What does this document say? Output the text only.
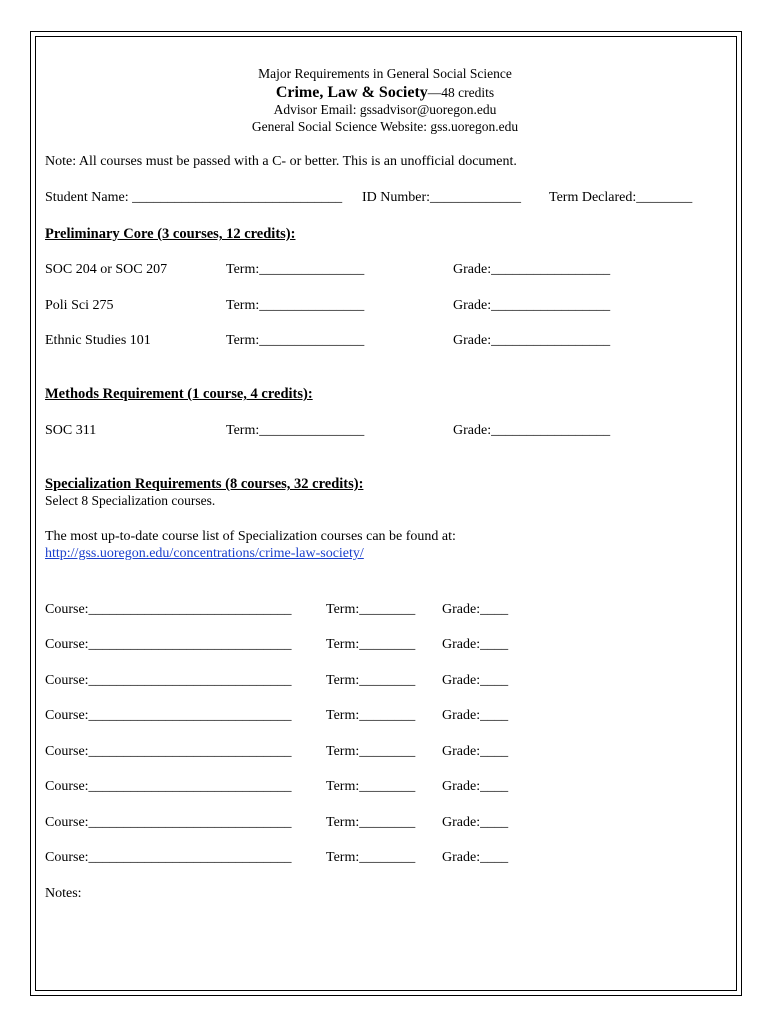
Major Requirements in General Social Science
Crime, Law & Society—48 credits
Advisor Email: gssadvisor@uoregon.edu
General Social Science Website: gss.uoregon.edu
Note: All courses must be passed with a C- or better. This is an unofficial document.
Student Name: ______________________________ ID Number:_____________ Term Declared:________
Preliminary Core (3 courses, 12 credits):
SOC 204 or SOC 207	Term:_______________	Grade:_________________
Poli Sci 275	Term:_______________	Grade:_________________
Ethnic Studies 101	Term:_______________	Grade:_________________
Methods Requirement (1 course, 4 credits):
SOC 311	Term:_______________	Grade:_________________
Specialization Requirements (8 courses, 32 credits):
Select 8 Specialization courses.
The most up-to-date course list of Specialization courses can be found at:
http://gss.uoregon.edu/concentrations/crime-law-society/
Course:_____________________________ Term:________ Grade:____
Course:_____________________________ Term:________ Grade:____
Course:_____________________________ Term:________ Grade:____
Course:_____________________________ Term:________ Grade:____
Course:_____________________________ Term:________ Grade:____
Course:_____________________________ Term:________ Grade:____
Course:_____________________________ Term:________ Grade:____
Course:_____________________________ Term:________ Grade:____
Notes:
